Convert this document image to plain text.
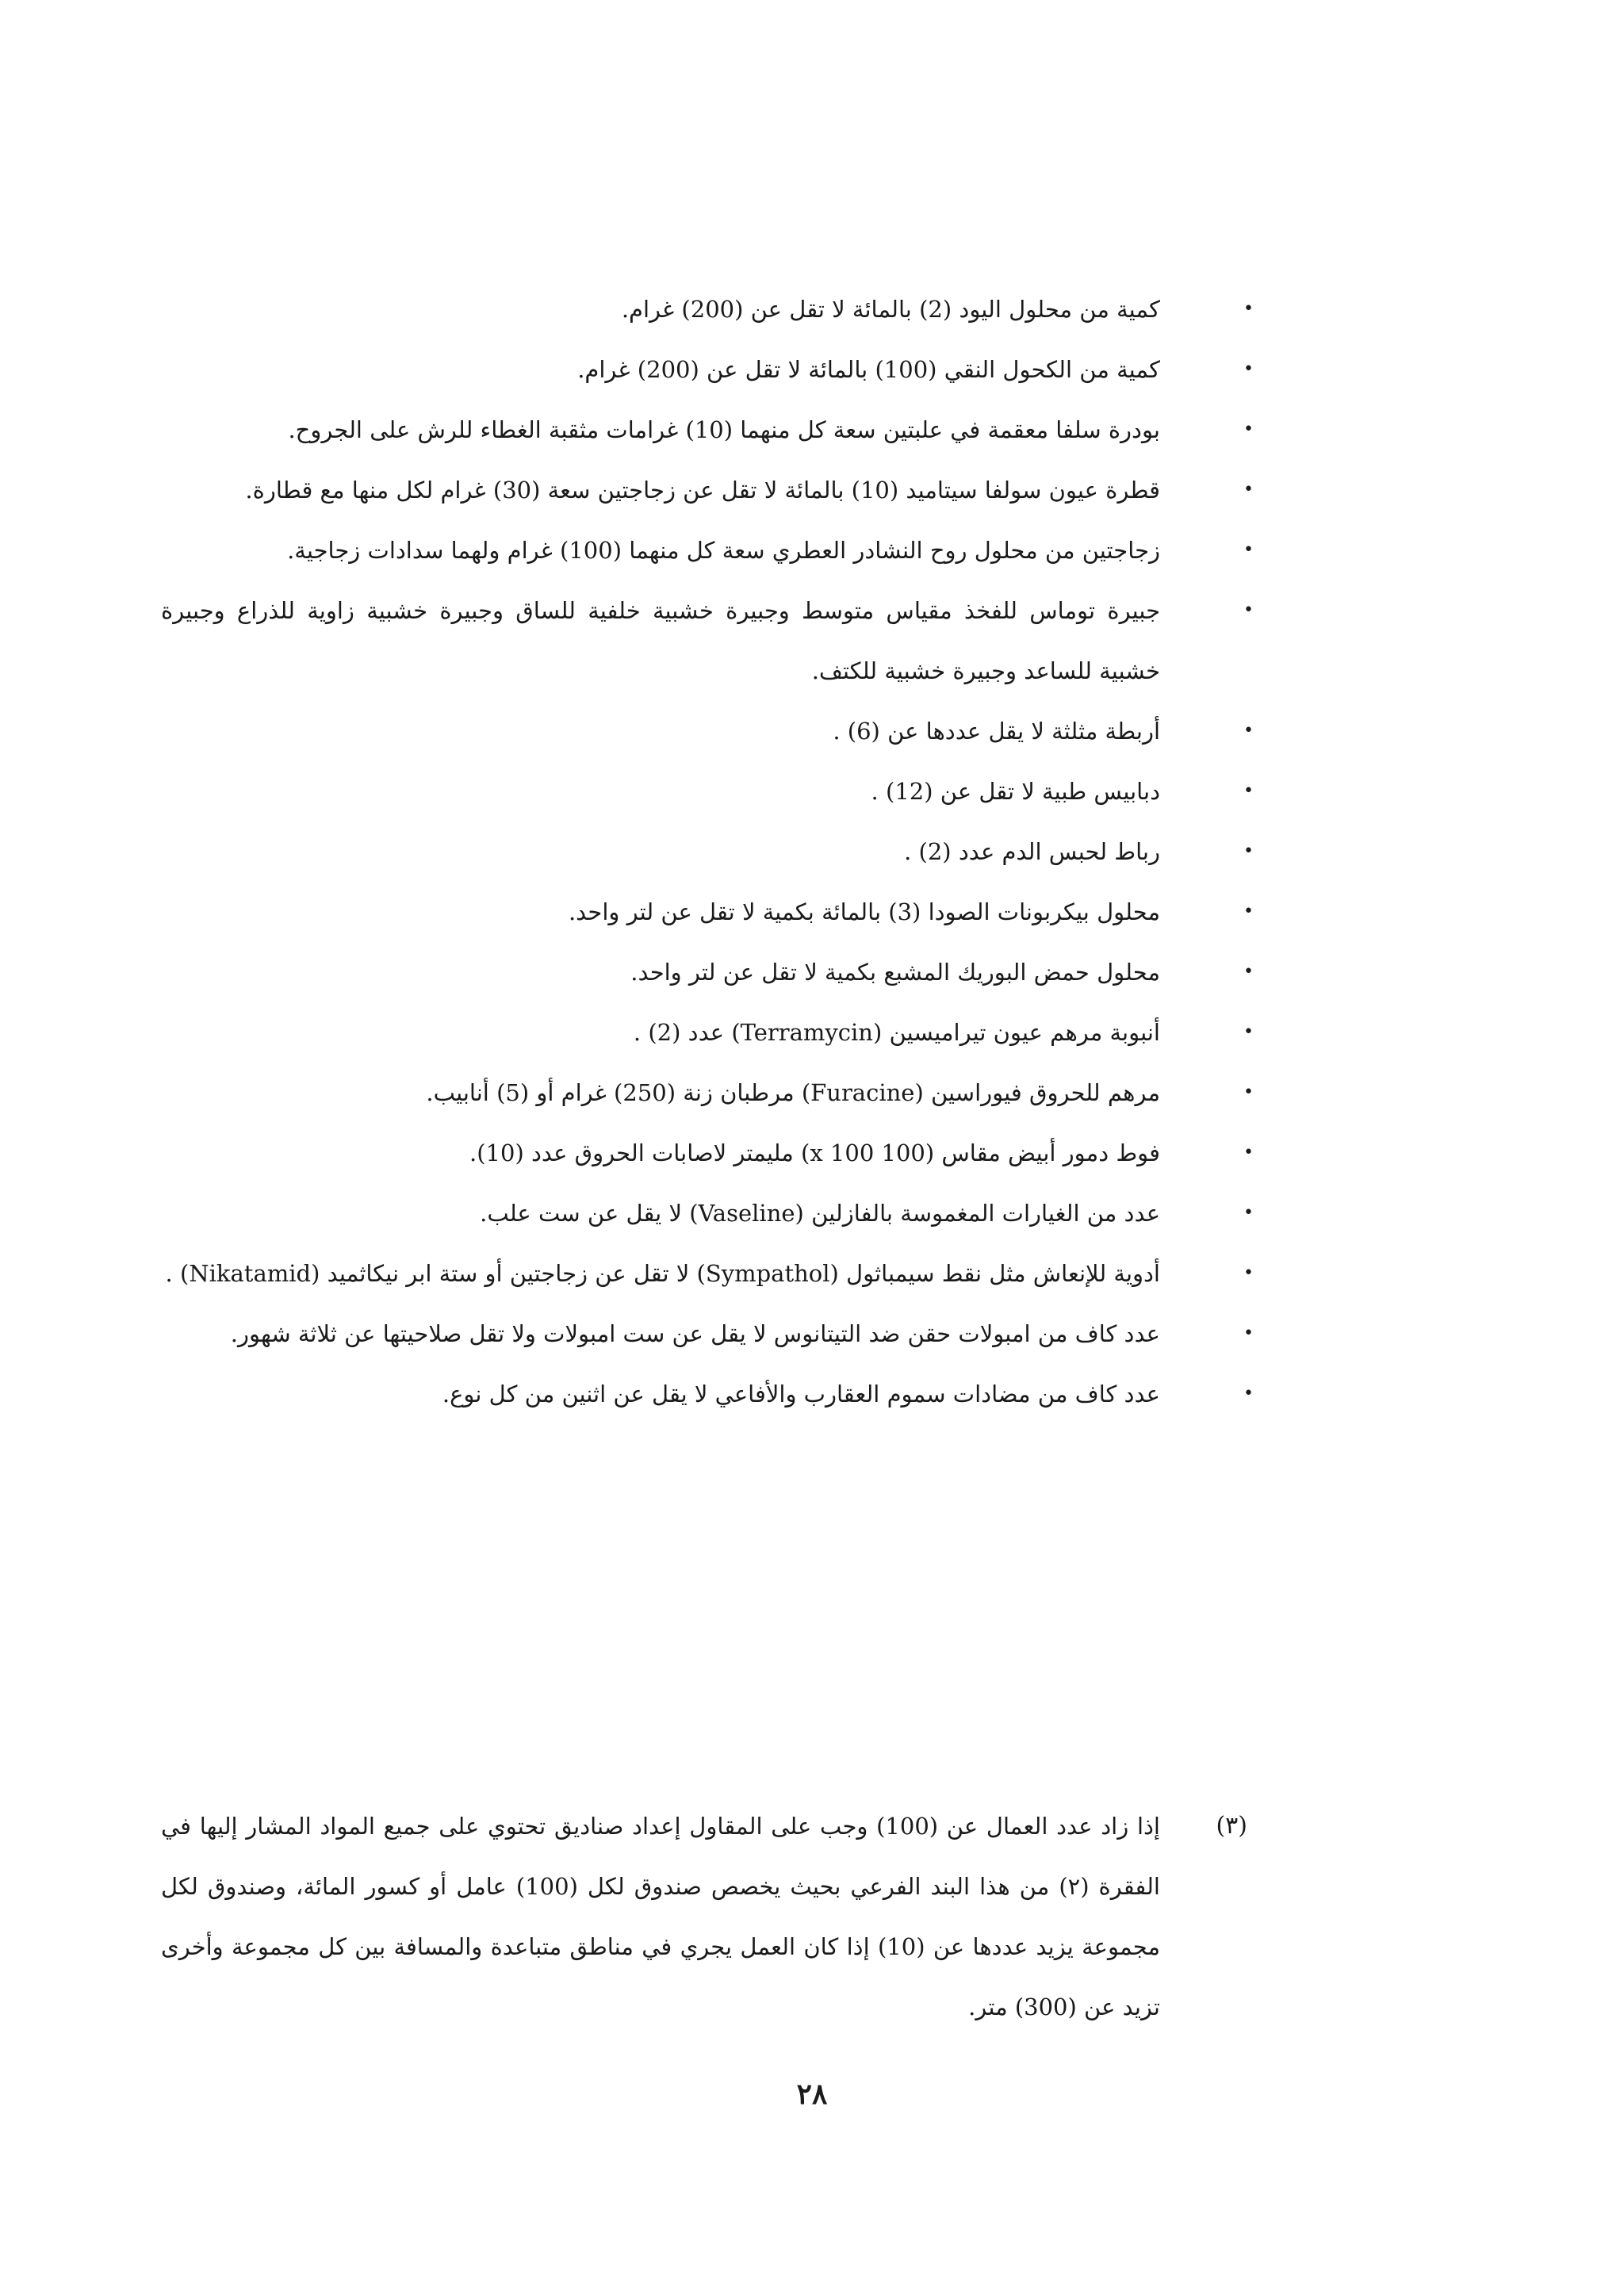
•
كمية من محلول اليود (2) بالمائة لا تقل عن (200) غرام.
•
كمية من الكحول النقي (100) بالمائة لا تقل عن (200) غرام.
•
بودرة سلفا معقمة في علبتين سعة كل منهما (10) غرامات مثقبة الغطاء للرش على الجروح.
•
قطرة عيون سولفا سيتاميد (10) بالمائة لا تقل عن زجاجتين سعة (30) غرام لكل منها مع قطارة.
•
زجاجتين من محلول روح النشادر العطري سعة كل منهما (100) غرام ولهما سدادات زجاجية.
•
جبيرة توماس للفخذ مقياس متوسط وجبيرة خشبية خلفية للساق وجبيرة خشبية زاوية للذراع وجبيرة خشبية للساعد وجبيرة خشبية للكتف.
•
أربطة مثلثة لا يقل عددها عن (6) .
•
دبابيس طبية لا تقل عن (12) .
•
رباط لحبس الدم عدد (2) .
•
محلول بيكربونات الصودا (3) بالمائة بكمية لا تقل عن لتر واحد.
•
محلول حمض البوريك المشبع بكمية لا تقل عن لتر واحد.
•
أنبوبة مرهم عيون تيراميسين (Terramycin) عدد (2) .
•
مرهم للحروق فيوراسين (Furacine) مرطبان زنة (250) غرام أو (5) أنابيب.
•
فوط دمور أبيض مقاس (100 x 100) مليمتر لاصابات الحروق عدد (10).
•
عدد من الغيارات المغموسة بالفازلين (Vaseline) لا يقل عن ست علب.
•
أدوية للإنعاش مثل نقط سيمباثول (Sympathol) لا تقل عن زجاجتين أو ستة ابر نيكاثميد (Nikatamid) .
•
عدد كاف من امبولات حقن ضد التيتانوس لا يقل عن ست امبولات ولا تقل صلاحيتها عن ثلاثة شهور.
•
عدد كاف من مضادات سموم العقارب والأفاعي لا يقل عن اثنين من كل نوع.
(٣)

إذا زاد عدد العمال عن (100) وجب على المقاول إعداد صناديق تحتوي على جميع المواد المشار إليها في الفقرة (٢) من هذا البند الفرعي بحيث يخصص صندوق لكل (100) عامل أو كسور المائة، وصندوق لكل مجموعة يزيد عددها عن (10) إذا كان العمل يجري في مناطق متباعدة والمسافة بين كل مجموعة وأخرى تزيد عن (300) متر.

٢٨
